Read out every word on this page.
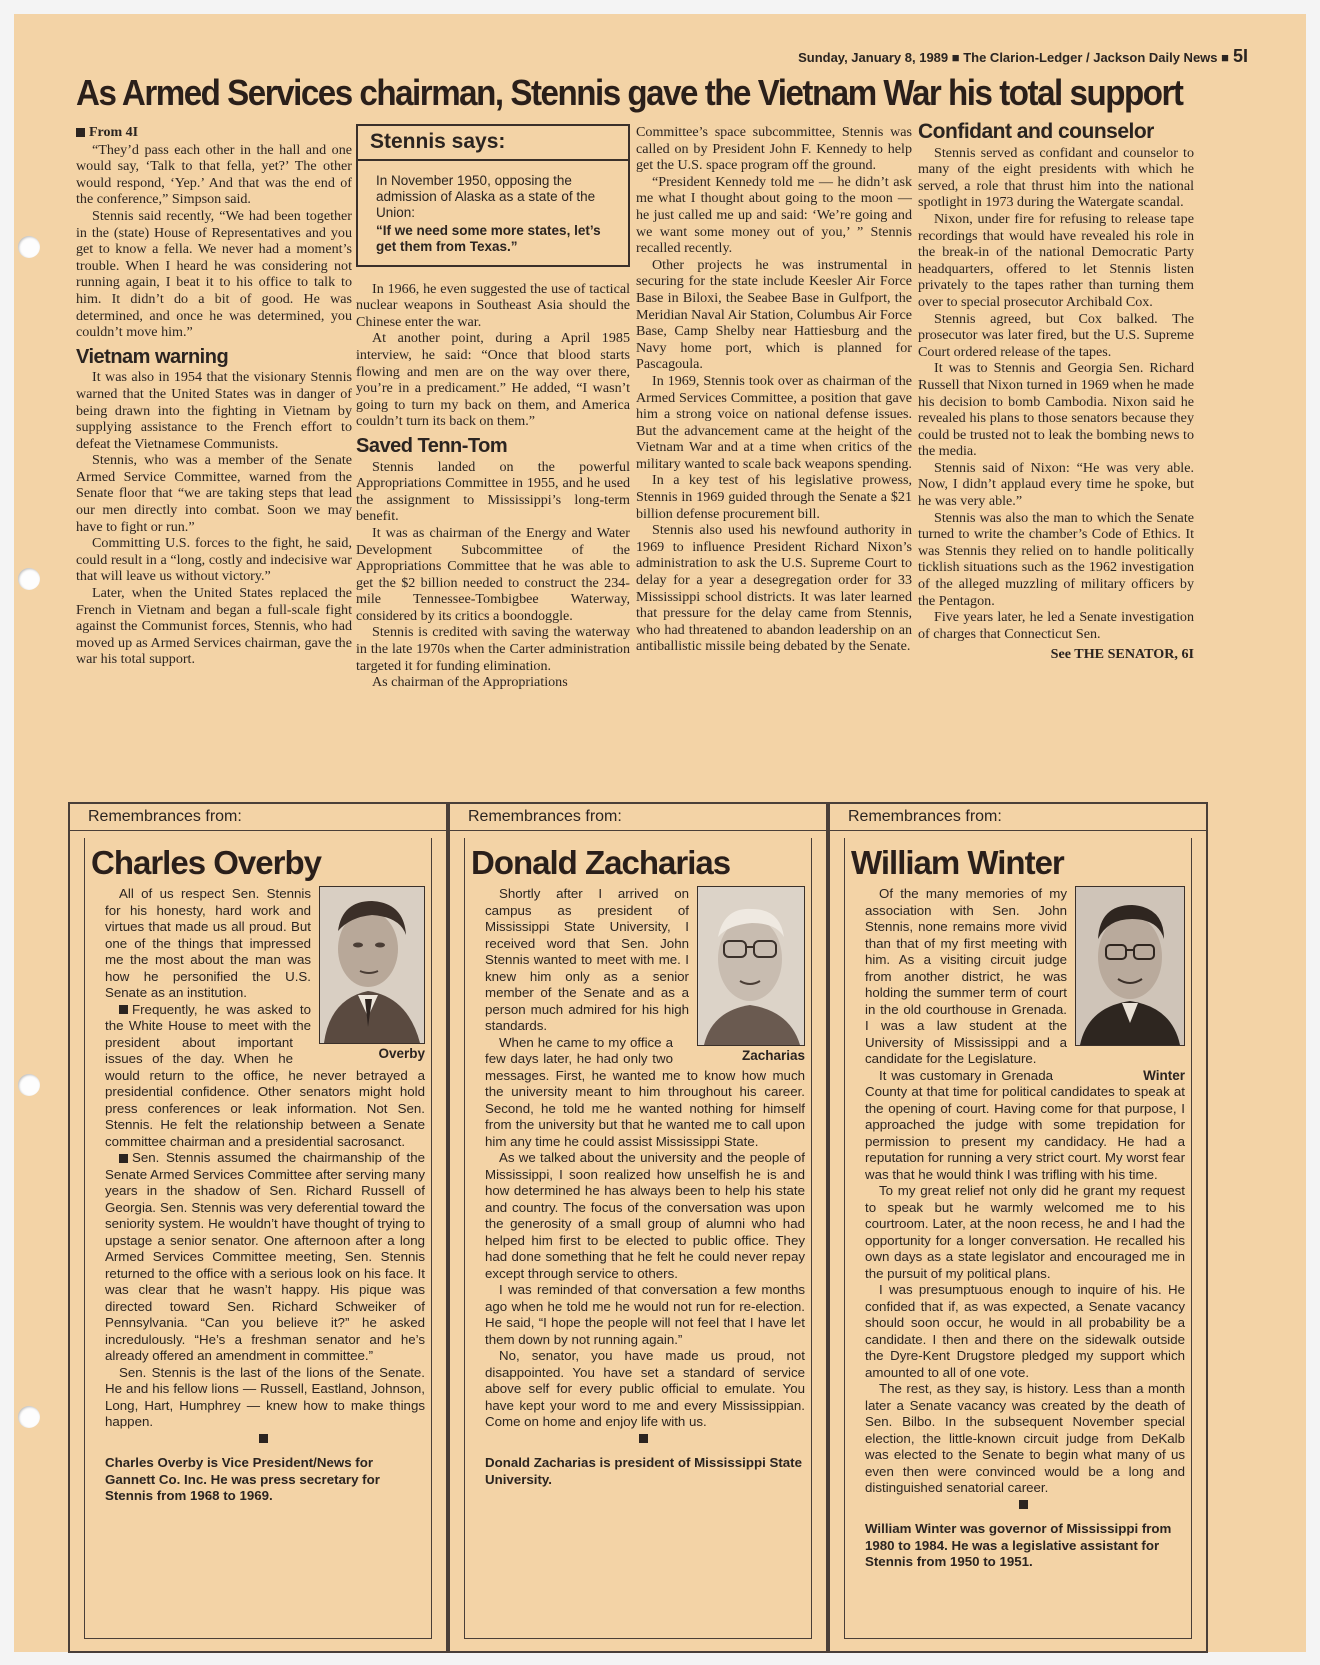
Sunday, January 8, 1989 ■ The Clarion-Ledger / Jackson Daily News ■ 5I
As Armed Services chairman, Stennis gave the Vietnam War his total support

From 4I

“They’d pass each other in the hall and one would say, ‘Talk to that fella, yet?’ The other would respond, ‘Yep.’ And that was the end of the conference,” Simpson said.

Stennis said recently, “We had been together in the (state) House of Representatives and you get to know a fella. We never had a moment’s trouble. When I heard he was considering not running again, I beat it to his office to talk to him. It didn’t do a bit of good. He was determined, and once he was determined, you couldn’t move him.”

Vietnam warning

It was also in 1954 that the visionary Stennis warned that the United States was in danger of being drawn into the fighting in Vietnam by supplying assistance to the French effort to defeat the Vietnamese Communists.

Stennis, who was a member of the Senate Armed Service Committee, warned from the Senate floor that “we are taking steps that lead our men directly into combat. Soon we may have to fight or run.”

Committing U.S. forces to the fight, he said, could result in a “long, costly and indecisive war that will leave us without victory.”

Later, when the United States replaced the French in Vietnam and began a full-scale fight against the Communist forces, Stennis, who had moved up as Armed Services chairman, gave the war his total support.

Stennis says:
In November 1950, opposing the admission of Alaska as a state of the Union:
“If we need some more states, let’s get them from Texas.”

In 1966, he even suggested the use of tactical nuclear weapons in Southeast Asia should the Chinese enter the war.

At another point, during a April 1985 interview, he said: “Once that blood starts flowing and men are on the way over there, you’re in a predicament.” He added, “I wasn’t going to turn my back on them, and America couldn’t turn its back on them.”

Saved Tenn-Tom

Stennis landed on the powerful Appropriations Committee in 1955, and he used the assignment to Mississippi’s long-term benefit.

It was as chairman of the Energy and Water Development Subcommittee of the Appropriations Committee that he was able to get the $2 billion needed to construct the 234-mile Tennessee-Tombigbee Waterway, considered by its critics a boondoggle.

Stennis is credited with saving the waterway in the late 1970s when the Carter administration targeted it for funding elimination.

As chairman of the Appropriations

Committee’s space subcommittee, Stennis was called on by President John F. Kennedy to help get the U.S. space program off the ground.

“President Kennedy told me — he didn’t ask me what I thought about going to the moon — he just called me up and said: ‘We’re going and we want some money out of you,’ ” Stennis recalled recently.

Other projects he was instrumental in securing for the state include Keesler Air Force Base in Biloxi, the Seabee Base in Gulfport, the Meridian Naval Air Station, Columbus Air Force Base, Camp Shelby near Hattiesburg and the Navy home port, which is planned for Pascagoula.

In 1969, Stennis took over as chairman of the Armed Services Committee, a position that gave him a strong voice on national defense issues. But the advancement came at the height of the Vietnam War and at a time when critics of the military wanted to scale back weapons spending.

In a key test of his legislative prowess, Stennis in 1969 guided through the Senate a $21 billion defense procurement bill.

Stennis also used his newfound authority in 1969 to influence President Richard Nixon’s administration to ask the U.S. Supreme Court to delay for a year a desegregation order for 33 Mississippi school districts. It was later learned that pressure for the delay came from Stennis, who had threatened to abandon leadership on an antiballistic missile being debated by the Senate.

Confidant and counselor

Stennis served as confidant and counselor to many of the eight presidents with which he served, a role that thrust him into the national spotlight in 1973 during the Watergate scandal.

Nixon, under fire for refusing to release tape recordings that would have revealed his role in the break-in of the national Democratic Party headquarters, offered to let Stennis listen privately to the tapes rather than turning them over to special prosecutor Archibald Cox.

Stennis agreed, but Cox balked. The prosecutor was later fired, but the U.S. Supreme Court ordered release of the tapes.

It was to Stennis and Georgia Sen. Richard Russell that Nixon turned in 1969 when he made his decision to bomb Cambodia. Nixon said he revealed his plans to those senators because they could be trusted not to leak the bombing news to the media.

Stennis said of Nixon: “He was very able. Now, I didn’t applaud every time he spoke, but he was very able.”

Stennis was also the man to which the Senate turned to write the chamber’s Code of Ethics. It was Stennis they relied on to handle politically ticklish situations such as the 1962 investigation of the alleged muzzling of military officers by the Pentagon.

Five years later, he led a Senate investigation of charges that Connecticut Sen.

See THE SENATOR, 6I
Remembrances from:
Charles Overby
Overby

All of us respect Sen. Stennis for his honesty, hard work and virtues that made us all proud. But one of the things that impressed me the most about the man was how he personified the U.S. Senate as an institution.

Frequently, he was asked to the White House to meet with the president about important issues of the day. When he would return to the office, he never betrayed a presidential confidence. Other senators might hold press conferences or leak information. Not Sen. Stennis. He felt the relationship between a Senate committee chairman and a presidential sacrosanct.

Sen. Stennis assumed the chairmanship of the Senate Armed Services Committee after serving many years in the shadow of Sen. Richard Russell of Georgia. Sen. Stennis was very deferential toward the seniority system. He wouldn’t have thought of trying to upstage a senior senator. One afternoon after a long Armed Services Committee meeting, Sen. Stennis returned to the office with a serious look on his face. It was clear that he wasn’t happy. His pique was directed toward Sen. Richard Schweiker of Pennsylvania. “Can you believe it?” he asked incredulously. “He’s a freshman senator and he’s already offered an amendment in committee.”

Sen. Stennis is the last of the lions of the Senate. He and his fellow lions — Russell, Eastland, Johnson, Long, Hart, Humphrey — knew how to make things happen.

Charles Overby is Vice President/News for Gannett Co. Inc. He was press secretary for Stennis from 1968 to 1969.

Remembrances from:
Donald Zacharias

Shortly after I arrived on campus as president of Mississippi State University, I received word that Sen. John Stennis wanted to meet with me. I knew him only as a senior member of the Senate and as a person much admired for his high standards.

Zacharias

When he came to my office a few days later, he had only two messages. First, he wanted me to know how much the university meant to him throughout his career. Second, he told me he wanted nothing for himself from the university but that he wanted me to call upon him any time he could assist Mississippi State.

As we talked about the university and the people of Mississippi, I soon realized how unselfish he is and how determined he has always been to help his state and country. The focus of the conversation was upon the generosity of a small group of alumni who had helped him first to be elected to public office. They had done something that he felt he could never repay except through service to others.

I was reminded of that conversation a few months ago when he told me he would not run for re-election. He said, “I hope the people will not feel that I have let them down by not running again.”

No, senator, you have made us proud, not disappointed. You have set a standard of service above self for every public official to emulate. You have kept your word to me and every Mississippian. Come on home and enjoy life with us.

Donald Zacharias is president of Mississippi State University.

Remembrances from:
William Winter

Of the many memories of my association with Sen. John Stennis, none remains more vivid than that of my first meeting with him. As a visiting circuit judge from another district, he was holding the summer term of court in the old courthouse in Grenada. I was a law student at the University of Mississippi and a candidate for the Legislature.

Winter

It was customary in Grenada County at that time for political candidates to speak at the opening of court. Having come for that purpose, I approached the judge with some trepidation for permission to present my candidacy. He had a reputation for running a very strict court. My worst fear was that he would think I was trifling with his time.

To my great relief not only did he grant my request to speak but he warmly welcomed me to his courtroom. Later, at the noon recess, he and I had the opportunity for a longer conversation. He recalled his own days as a state legislator and encouraged me in the pursuit of my political plans.

I was presumptuous enough to inquire of his. He confided that if, as was expected, a Senate vacancy should soon occur, he would in all probability be a candidate. I then and there on the sidewalk outside the Dyre-Kent Drugstore pledged my support which amounted to all of one vote.

The rest, as they say, is history. Less than a month later a Senate vacancy was created by the death of Sen. Bilbo. In the subsequent November special election, the little-known circuit judge from DeKalb was elected to the Senate to begin what many of us even then were convinced would be a long and distinguished senatorial career.

William Winter was governor of Mississippi from 1980 to 1984. He was a legislative assistant for Stennis from 1950 to 1951.
